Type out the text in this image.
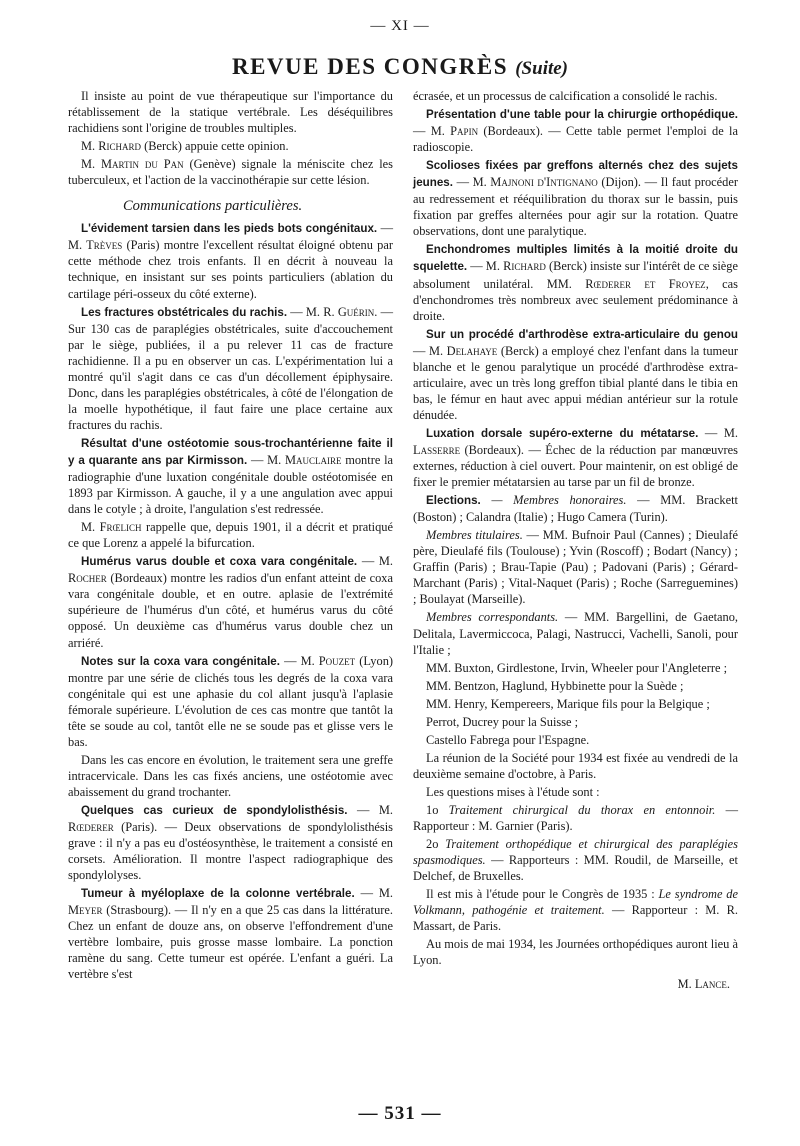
— XI —
REVUE DES CONGRÈS (Suite)

Il insiste au point de vue thérapeutique sur l'importance du rétablissement de la statique vertébrale. Les déséquilibres rachidiens sont l'origine de troubles multiples.

M. Richard (Berck) appuie cette opinion.

M. Martin du Pan (Genève) signale la méniscite chez les tuberculeux, et l'action de la vaccinothérapie sur cette lésion.

Communications particulières.

L'évidement tarsien dans les pieds bots congénitaux. — M. Trèves (Paris) montre l'excellent résultat éloigné obtenu par cette méthode chez trois enfants. Il en décrit à nouveau la technique, en insistant sur ses points particuliers (ablation du cartilage péri-osseux du côté externe).

Les fractures obstétricales du rachis. — M. R. Guérin. — Sur 130 cas de paraplégies obstétricales, suite d'accouchement par le siège, publiées, il a pu relever 11 cas de fracture rachidienne. Il a pu en observer un cas. L'expérimentation lui a montré qu'il s'agit dans ce cas d'un décollement épiphysaire. Donc, dans les paraplégies obstétricales, à côté de l'élongation de la moelle hypothétique, il faut faire une place certaine aux fractures du rachis.

Résultat d'une ostéotomie sous-trochantérienne faite il y a quarante ans par Kirmisson. — M. Mauclaire montre la radiographie d'une luxation congénitale double ostéotomisée en 1893 par Kirmisson. A gauche, il y a une angulation avec appui dans le cotyle ; à droite, l'angulation s'est redressée.

M. Frœlich rappelle que, depuis 1901, il a décrit et pratiqué ce que Lorenz a appelé la bifurcation.

Humérus varus double et coxa vara congénitale. — M. Rocher (Bordeaux) montre les radios d'un enfant atteint de coxa vara congénitale double, et en outre. aplasie de l'extrémité supérieure de l'humérus d'un côté, et humérus varus du côté opposé. Un deuxième cas d'humérus varus double chez un arriéré.

Notes sur la coxa vara congénitale. — M. Pouzet (Lyon) montre par une série de clichés tous les degrés de la coxa vara congénitale qui est une aphasie du col allant jusqu'à l'aplasie fémorale supérieure. L'évolution de ces cas montre que tantôt la tête se soude au col, tantôt elle ne se soude pas et glisse vers le bas.

Dans les cas encore en évolution, le traitement sera une greffe intracervicale. Dans les cas fixés anciens, une ostéotomie avec abaissement du grand trochanter.

Quelques cas curieux de spondylolisthésis. — M. Rœderer (Paris). — Deux observations de spondylolisthésis grave : il n'y a pas eu d'ostéosynthèse, le traitement a consisté en corsets. Amélioration. Il montre l'aspect radiographique des spondylolyses.

Tumeur à myéloplaxe de la colonne vertébrale. — M. Meyer (Strasbourg). — Il n'y en a que 25 cas dans la littérature. Chez un enfant de douze ans, on observe l'effondrement d'une vertèbre lombaire, puis grosse masse lombaire. La ponction ramène du sang. Cette tumeur est opérée. L'enfant a guéri. La vertèbre s'est

écrasée, et un processus de calcification a consolidé le rachis.

Présentation d'une table pour la chirurgie orthopédique. — M. Papin (Bordeaux). — Cette table permet l'emploi de la radioscopie.

Scolioses fixées par greffons alternés chez des sujets jeunes. — M. Majnoni d'Intignano (Dijon). — Il faut procéder au redressement et rééquilibration du thorax sur le bassin, puis fixation par greffes alternées pour agir sur la rotation. Quatre observations, dont une paralytique.

Enchondromes multiples limités à la moitié droite du squelette. — M. Richard (Berck) insiste sur l'intérêt de ce siège absolument unilatéral. MM. Rœderer et Froyez, cas d'enchondromes très nombreux avec seulement prédominance à droite.

Sur un procédé d'arthrodèse extra-articulaire du genou — M. Delahaye (Berck) a employé chez l'enfant dans la tumeur blanche et le genou paralytique un procédé d'arthrodèse extra-articulaire, avec un très long greffon tibial planté dans le tibia en bas, le fémur en haut avec appui médian antérieur sur la rotule dénudée.

Luxation dorsale supéro-externe du métatarse. — M. Lasserre (Bordeaux). — Échec de la réduction par manœuvres externes, réduction à ciel ouvert. Pour maintenir, on est obligé de fixer le premier métatarsien au tarse par un fil de bronze.

Elections. — Membres honoraires. — MM. Brackett (Boston) ; Calandra (Italie) ; Hugo Camera (Turin).

Membres titulaires. — MM. Bufnoir Paul (Cannes) ; Dieulafé père, Dieulafé fils (Toulouse) ; Yvin (Roscoff) ; Bodart (Nancy) ; Graffin (Paris) ; Brau-Tapie (Pau) ; Padovani (Paris) ; Gérard-Marchant (Paris) ; Vital-Naquet (Paris) ; Roche (Sarreguemines) ; Boulayat (Marseille).

Membres correspondants. — MM. Bargellini, de Gaetano, Delitala, Lavermiccoca, Palagi, Nastrucci, Vachelli, Sanoli, pour l'Italie ;

MM. Buxton, Girdlestone, Irvin, Wheeler pour l'Angleterre ;

MM. Bentzon, Haglund, Hybbinette pour la Suède ;

MM. Henry, Kempereers, Marique fils pour la Belgique ;

Perrot, Ducrey pour la Suisse ;

Castello Fabrega pour l'Espagne.

La réunion de la Société pour 1934 est fixée au vendredi de la deuxième semaine d'octobre, à Paris.

Les questions mises à l'étude sont :

1o Traitement chirurgical du thorax en entonnoir. — Rapporteur : M. Garnier (Paris).

2o Traitement orthopédique et chirurgical des paraplégies spasmodiques. — Rapporteurs : MM. Roudil, de Marseille, et Delchef, de Bruxelles.

Il est mis à l'étude pour le Congrès de 1935 : Le syndrome de Volkmann, pathogénie et traitement. — Rapporteur : M. R. Massart, de Paris.

Au mois de mai 1934, les Journées orthopédiques auront lieu à Lyon.

M. Lance.
— 531 —
